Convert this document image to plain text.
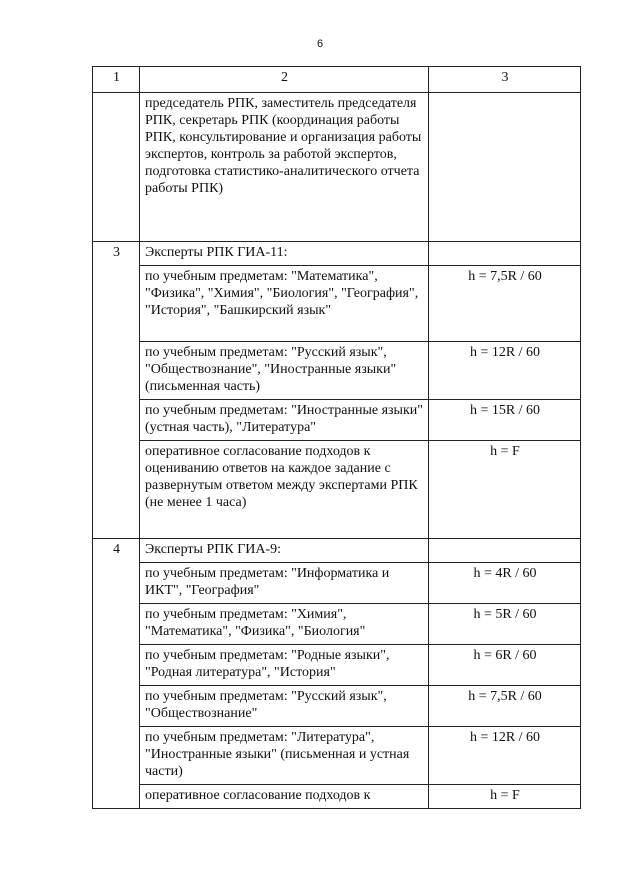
6
1	2	3
	председатель РПК, заместитель председателя РПК, секретарь РПК (координация работы РПК, консультирование и организация работы экспертов, контроль за работой экспертов, подготовка статистико-аналитического отчета работы РПК)	
3	Эксперты РПК ГИА-11:	
	по учебным предметам: "Математика", "Физика", "Химия", "Биология", "География", "История", "Башкирский язык"	h = 7,5R / 60
	по учебным предметам: "Русский язык", "Обществознание", "Иностранные языки" (письменная часть)	h = 12R / 60
	по учебным предметам: "Иностранные языки" (устная часть), "Литература"	h = 15R / 60
	оперативное согласование подходов к оцениванию ответов на каждое задание с развернутым ответом между экспертами РПК (не менее 1 часа)	h = F
4	Эксперты РПК ГИА-9:	
	по учебным предметам: "Информатика и ИКТ", "География"	h = 4R / 60
	по учебным предметам: "Химия", "Математика", "Физика", "Биология"	h = 5R / 60
	по учебным предметам: "Родные языки", "Родная литература", "История"	h = 6R / 60
	по учебным предметам: "Русский язык", "Обществознание"	h = 7,5R / 60
	по учебным предметам: "Литература", "Иностранные языки" (письменная и устная части)	h = 12R / 60
	оперативное согласование подходов к	h = F
